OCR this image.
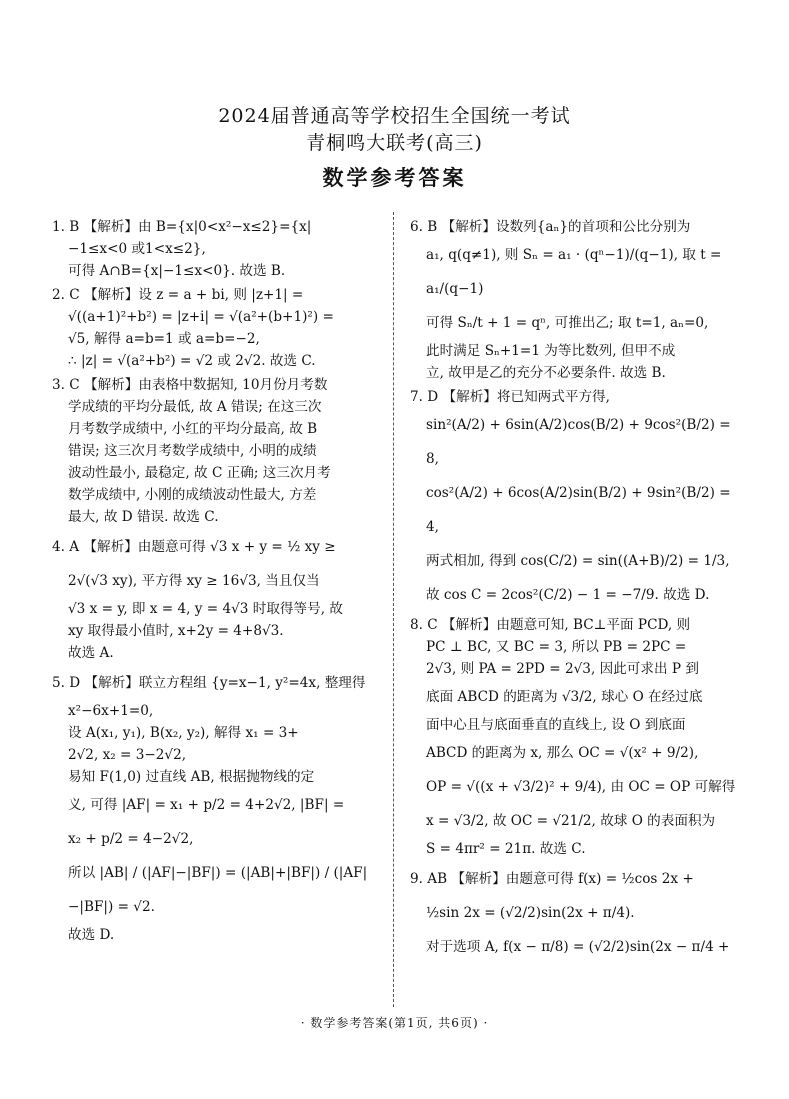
2024届普通高等学校招生全国统一考试
青桐鸣大联考(高三)
数学参考答案
1. B 【解析】由 B={x|0<x²−x≤2}={x|
−1≤x<0 或1<x≤2},
可得 A∩B={x|−1≤x<0}. 故选 B.
2. C 【解析】设 z = a + bi, 则 |z+1| =
√((a+1)²+b²) = |z+i| = √(a²+(b+1)²) =
√5, 解得 a=b=1 或 a=b=−2,
∴ |z| = √(a²+b²) = √2 或 2√2. 故选 C.
3. C 【解析】由表格中数据知, 10月份月考数
学成绩的平均分最低, 故 A 错误; 在这三次
月考数学成绩中, 小红的平均分最高, 故 B
错误; 这三次月考数学成绩中, 小明的成绩
波动性最小, 最稳定, 故 C 正确; 这三次月考
数学成绩中, 小刚的成绩波动性最大, 方差
最大, 故 D 错误. 故选 C.
4. A 【解析】由题意可得 √3 x + y = ½ xy ≥
2√(√3 xy), 平方得 xy ≥ 16√3, 当且仅当
√3 x = y, 即 x = 4, y = 4√3 时取得等号, 故
xy 取得最小值时, x+2y = 4+8√3.
故选 A.
5. D 【解析】联立方程组 {y=x−1, y²=4x, 整理得
x²−6x+1=0,
设 A(x₁, y₁), B(x₂, y₂), 解得 x₁ = 3+
2√2, x₂ = 3−2√2,
易知 F(1,0) 过直线 AB, 根据抛物线的定
义, 可得 |AF| = x₁ + p/2 = 4+2√2, |BF| =
x₂ + p/2 = 4−2√2,
所以 |AB| / (|AF|−|BF|) = (|AB|+|BF|) / (|AF|−|BF|) = √2.
故选 D.
6. B 【解析】设数列{aₙ}的首项和公比分别为
a₁, q(q≠1), 则 Sₙ = a₁ · (qⁿ−1)/(q−1), 取 t = a₁/(q−1)
可得 Sₙ/t + 1 = qⁿ, 可推出乙; 取 t=1, aₙ=0,
此时满足 Sₙ+1=1 为等比数列, 但甲不成
立, 故甲是乙的充分不必要条件. 故选 B.
7. D 【解析】将已知两式平方得,
sin²(A/2) + 6sin(A/2)cos(B/2) + 9cos²(B/2) = 8,
cos²(A/2) + 6cos(A/2)sin(B/2) + 9sin²(B/2) = 4,
两式相加, 得到 cos(C/2) = sin((A+B)/2) = 1/3,
故 cos C = 2cos²(C/2) − 1 = −7/9. 故选 D.
8. C 【解析】由题意可知, BC⊥平面 PCD, 则
PC ⊥ BC, 又 BC = 3, 所以 PB = 2PC =
2√3, 则 PA = 2PD = 2√3, 因此可求出 P 到
底面 ABCD 的距离为 √3/2, 球心 O 在经过底
面中心且与底面垂直的直线上, 设 O 到底面
ABCD 的距离为 x, 那么 OC = √(x² + 9/2),
OP = √((x + √3/2)² + 9/4), 由 OC = OP 可解得
x = √3/2, 故 OC = √21/2, 故球 O 的表面积为
S = 4πr² = 21π. 故选 C.
9. AB 【解析】由题意可得 f(x) = ½cos 2x +
½sin 2x = (√2/2)sin(2x + π/4).
对于选项 A, f(x − π/8) = (√2/2)sin(2x − π/4 +
· 数学参考答案(第1页, 共6页) ·
